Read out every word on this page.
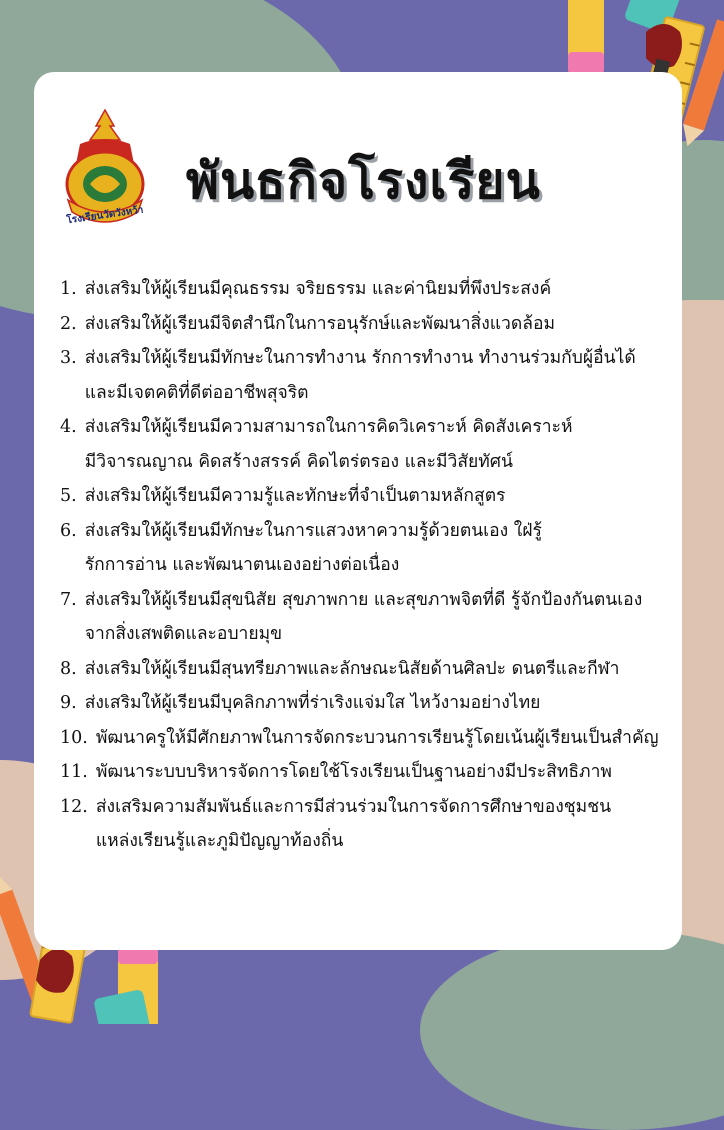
โรงเรียนวัดวังหว้า
พันธกิจโรงเรียน
1. ส่งเสริมให้ผู้เรียนมีคุณธรรม จริยธรรม และค่านิยมที่พึงประสงค์
2. ส่งเสริมให้ผู้เรียนมีจิตสำนึกในการอนุรักษ์และพัฒนาสิ่งแวดล้อม
3. ส่งเสริมให้ผู้เรียนมีทักษะในการทำงาน รักการทำงาน ทำงานร่วมกับผู้อื่นได้
และมีเจตคติที่ดีต่ออาชีพสุจริต
4. ส่งเสริมให้ผู้เรียนมีความสามารถในการคิดวิเคราะห์ คิดสังเคราะห์
มีวิจารณญาณ คิดสร้างสรรค์ คิดไตร่ตรอง และมีวิสัยทัศน์
5. ส่งเสริมให้ผู้เรียนมีความรู้และทักษะที่จำเป็นตามหลักสูตร
6. ส่งเสริมให้ผู้เรียนมีทักษะในการแสวงหาความรู้ด้วยตนเอง ใฝ่รู้
รักการอ่าน และพัฒนาตนเองอย่างต่อเนื่อง
7. ส่งเสริมให้ผู้เรียนมีสุขนิสัย สุขภาพกาย และสุขภาพจิตที่ดี รู้จักป้องกันตนเอง
จากสิ่งเสพติดและอบายมุข
8. ส่งเสริมให้ผู้เรียนมีสุนทรียภาพและลักษณะนิสัยด้านศิลปะ ดนตรีและกีฬา
9. ส่งเสริมให้ผู้เรียนมีบุคลิกภาพที่ร่าเริงแจ่มใส ไหว้งามอย่างไทย
10. พัฒนาครูให้มีศักยภาพในการจัดกระบวนการเรียนรู้โดยเน้นผู้เรียนเป็นสำคัญ
11. พัฒนาระบบบริหารจัดการโดยใช้โรงเรียนเป็นฐานอย่างมีประสิทธิภาพ
12. ส่งเสริมความสัมพันธ์และการมีส่วนร่วมในการจัดการศึกษาของชุมชน
แหล่งเรียนรู้และภูมิปัญญาท้องถิ่น
